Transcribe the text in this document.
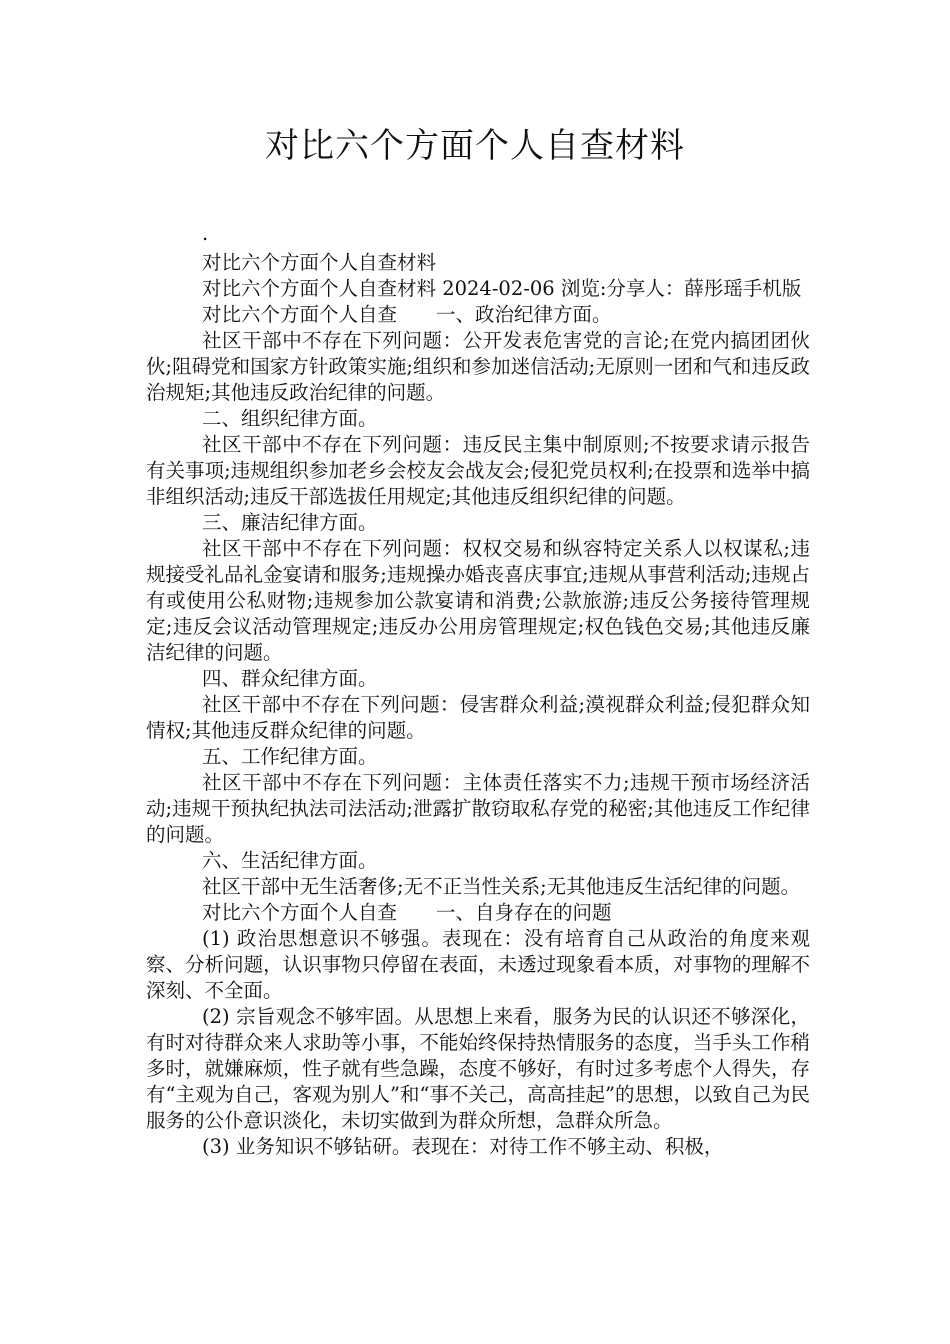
对比六个方面个人自查材料

.

对比六个方面个人自查材料

对比六个方面个人自查材料 2024-02-06 浏览:分享人：薛彤瑶手机版

对比六个方面个人自查　　一、政治纪律方面。

社区干部中不存在下列问题：公开发表危害党的言论;在党内搞团团伙伙;阻碍党和国家方针政策实施;组织和参加迷信活动;无原则一团和气和违反政治规矩;其他违反政治纪律的问题。

二、组织纪律方面。

社区干部中不存在下列问题：违反民主集中制原则;不按要求请示报告有关事项;违规组织参加老乡会校友会战友会;侵犯党员权利;在投票和选举中搞非组织活动;违反干部选拔任用规定;其他违反组织纪律的问题。

三、廉洁纪律方面。

社区干部中不存在下列问题：权权交易和纵容特定关系人以权谋私;违规接受礼品礼金宴请和服务;违规操办婚丧喜庆事宜;违规从事营利活动;违规占有或使用公私财物;违规参加公款宴请和消费;公款旅游;违反公务接待管理规定;违反会议活动管理规定;违反办公用房管理规定;权色钱色交易;其他违反廉洁纪律的问题。

四、群众纪律方面。

社区干部中不存在下列问题：侵害群众利益;漠视群众利益;侵犯群众知情权;其他违反群众纪律的问题。

五、工作纪律方面。

社区干部中不存在下列问题：主体责任落实不力;违规干预市场经济活动;违规干预执纪执法司法活动;泄露扩散窃取私存党的秘密;其他违反工作纪律的问题。

六、生活纪律方面。

社区干部中无生活奢侈;无不正当性关系;无其他违反生活纪律的问题。

对比六个方面个人自查　　一、自身存在的问题

(1) 政治思想意识不够强。表现在：没有培育自己从政治的角度来观察、分析问题，认识事物只停留在表面，未透过现象看本质，对事物的理解不深刻、不全面。

(2) 宗旨观念不够牢固。从思想上来看，服务为民的认识还不够深化，有时对待群众来人求助等小事，不能始终保持热情服务的态度，当手头工作稍多时，就嫌麻烦，性子就有些急躁，态度不够好，有时过多考虑个人得失，存有“主观为自己，客观为别人”和“事不关己，高高挂起”的思想，以致自己为民服务的公仆意识淡化，未切实做到为群众所想，急群众所急。

(3) 业务知识不够钻研。表现在：对待工作不够主动、积极，
